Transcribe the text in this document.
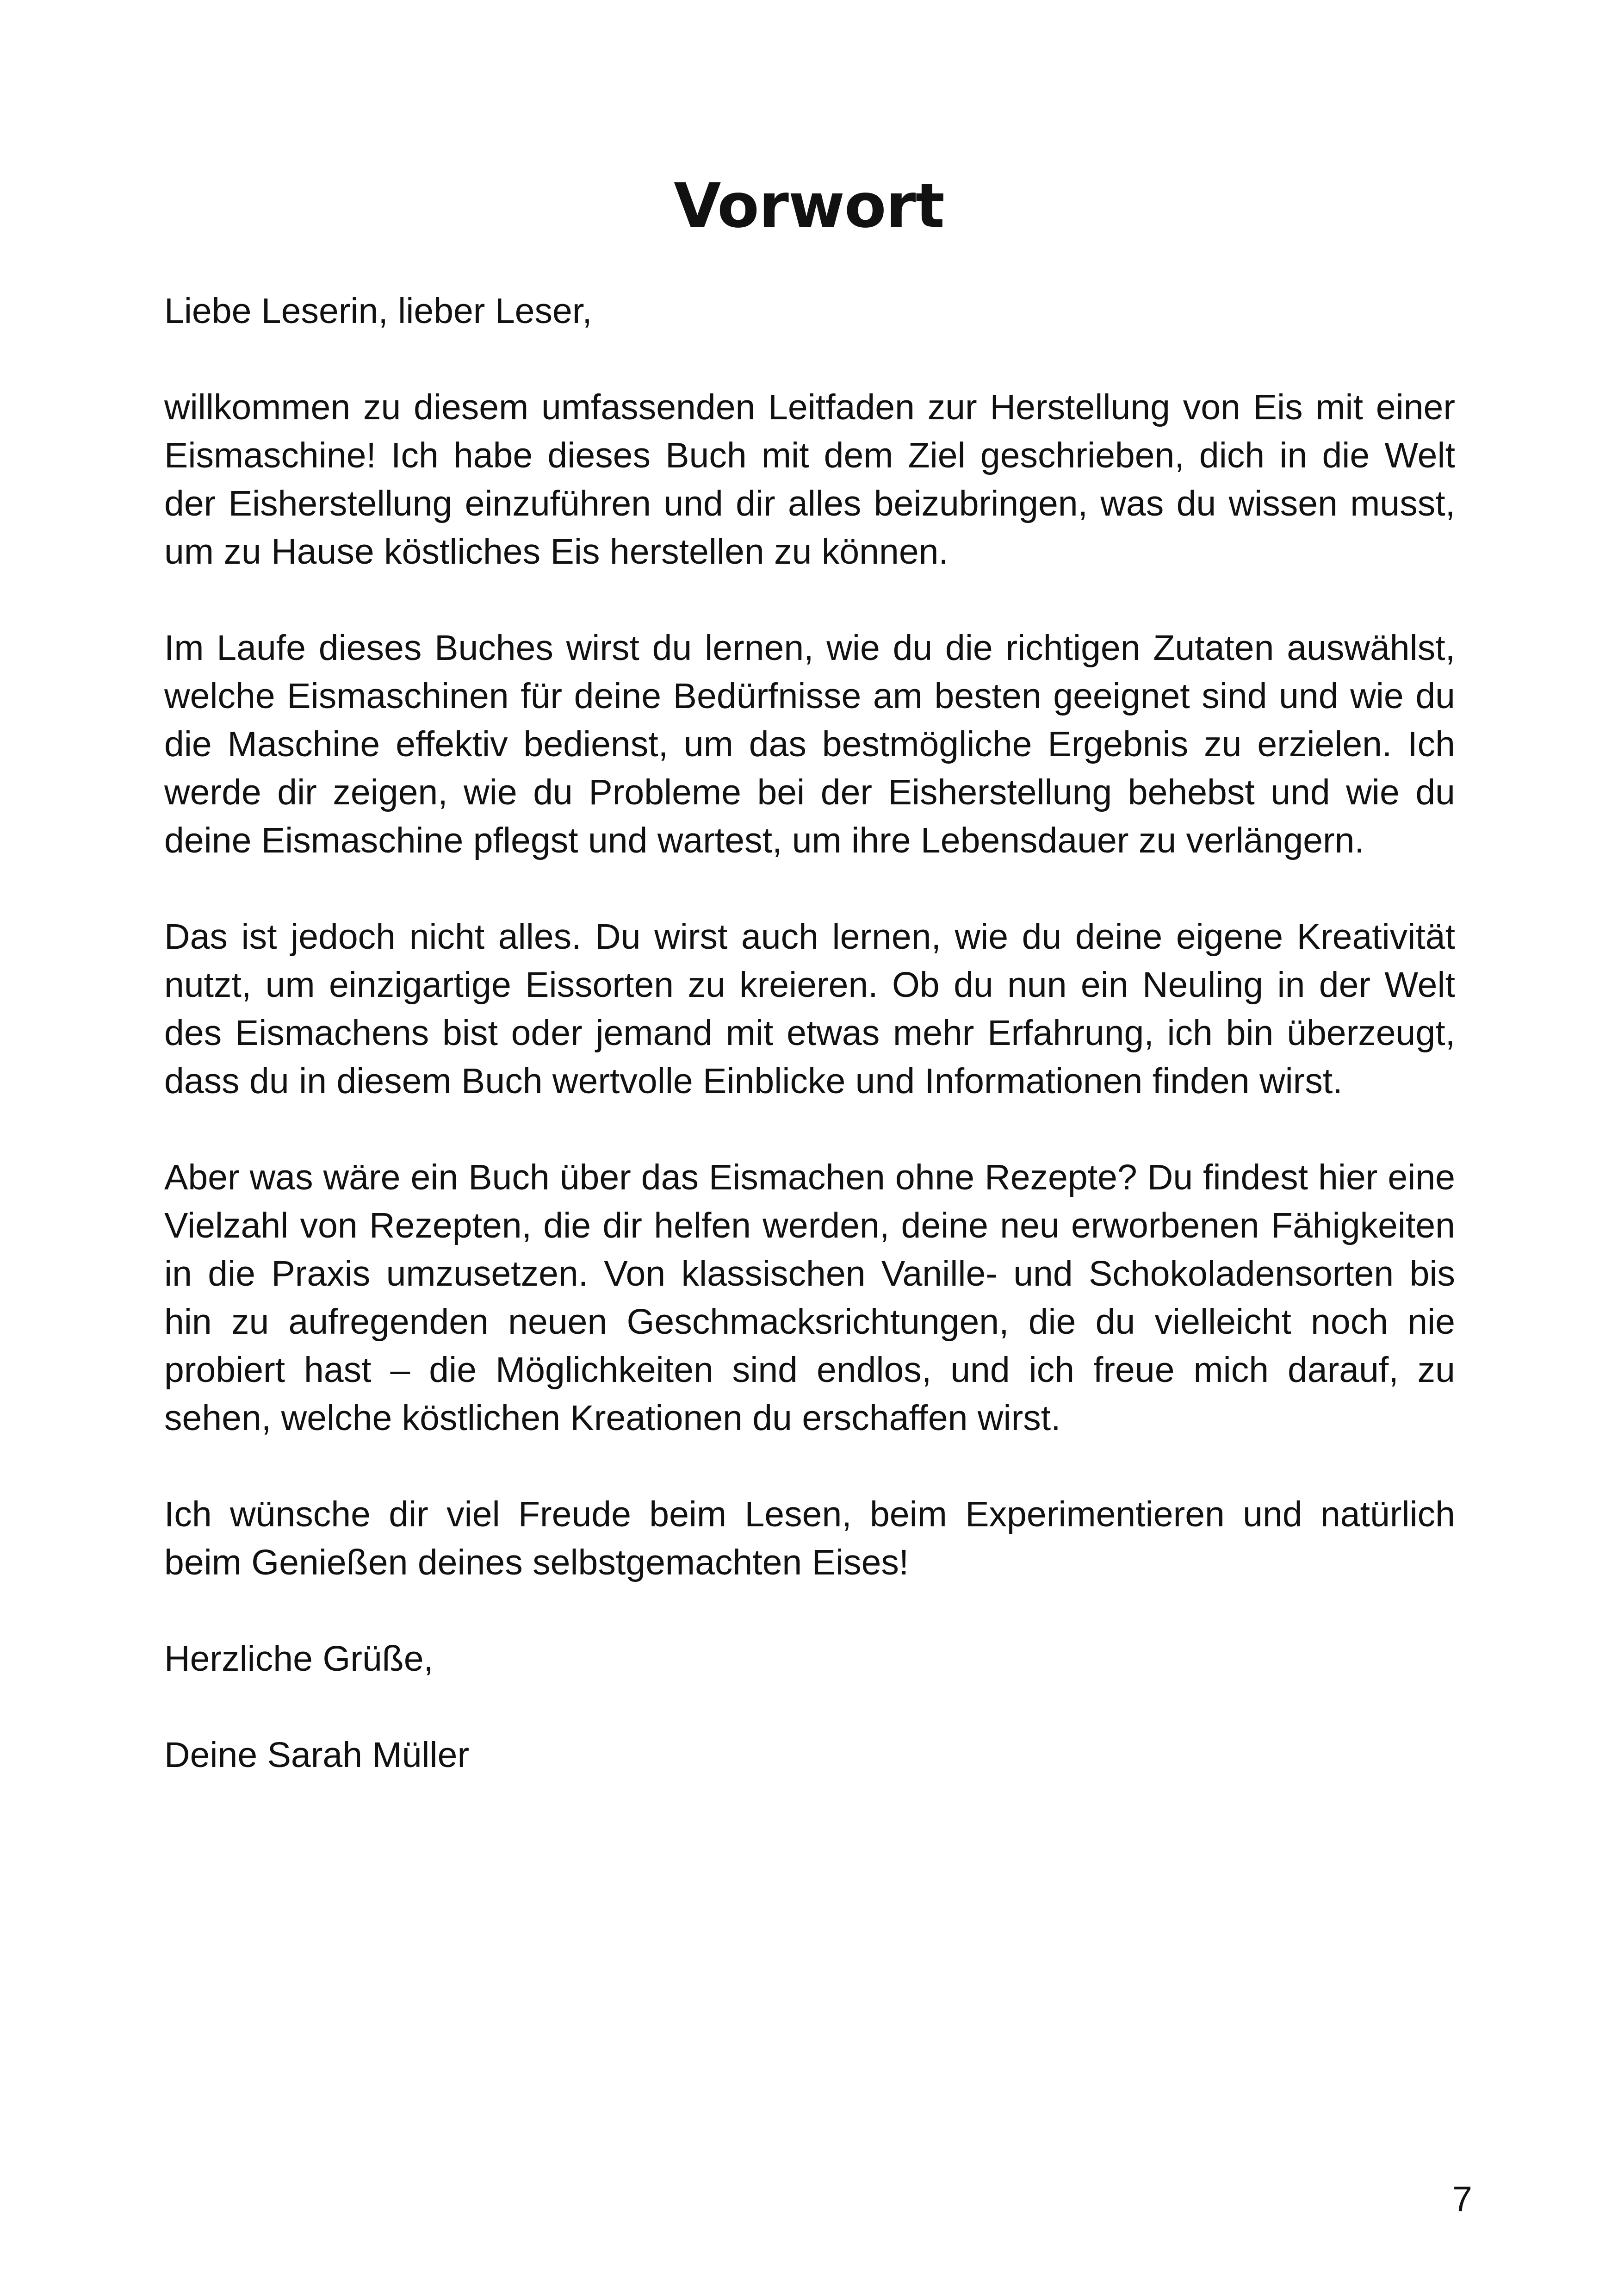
Vorwort

Liebe Leserin, lieber Leser,

willkommen zu diesem umfassenden Leitfaden zur Herstellung von Eis mit einer Eismaschine! Ich habe dieses Buch mit dem Ziel geschrieben, dich in die Welt der Eisherstellung einzuführen und dir alles beizubringen, was du wissen musst, um zu Hause köstliches Eis herstellen zu können.

Im Laufe dieses Buches wirst du lernen, wie du die richtigen Zutaten auswählst, welche Eismaschinen für deine Bedürfnisse am besten geeignet sind und wie du die Maschine effektiv bedienst, um das bestmögliche Ergebnis zu erzielen. Ich werde dir zeigen, wie du Probleme bei der Eisherstellung behebst und wie du deine Eismaschine pflegst und wartest, um ihre Lebensdauer zu verlängern.

Das ist jedoch nicht alles. Du wirst auch lernen, wie du deine eigene Kreativität nutzt, um einzigartige Eissorten zu kreieren. Ob du nun ein Neuling in der Welt des Eismachens bist oder jemand mit etwas mehr Erfahrung, ich bin überzeugt, dass du in diesem Buch wertvolle Einblicke und Informationen finden wirst.

Aber was wäre ein Buch über das Eismachen ohne Rezepte? Du findest hier eine Vielzahl von Rezepten, die dir helfen werden, deine neu erworbenen Fähigkeiten in die Praxis umzusetzen. Von klassischen Vanille- und Schokoladensorten bis hin zu aufregenden neuen Geschmacksrichtungen, die du vielleicht noch nie probiert hast – die Möglichkeiten sind endlos, und ich freue mich darauf, zu sehen, welche köstlichen Kreationen du erschaffen wirst.

Ich wünsche dir viel Freude beim Lesen, beim Experimentieren und natürlich beim Genießen deines selbstgemachten Eises!

Herzliche Grüße,

Deine Sarah Müller

7
